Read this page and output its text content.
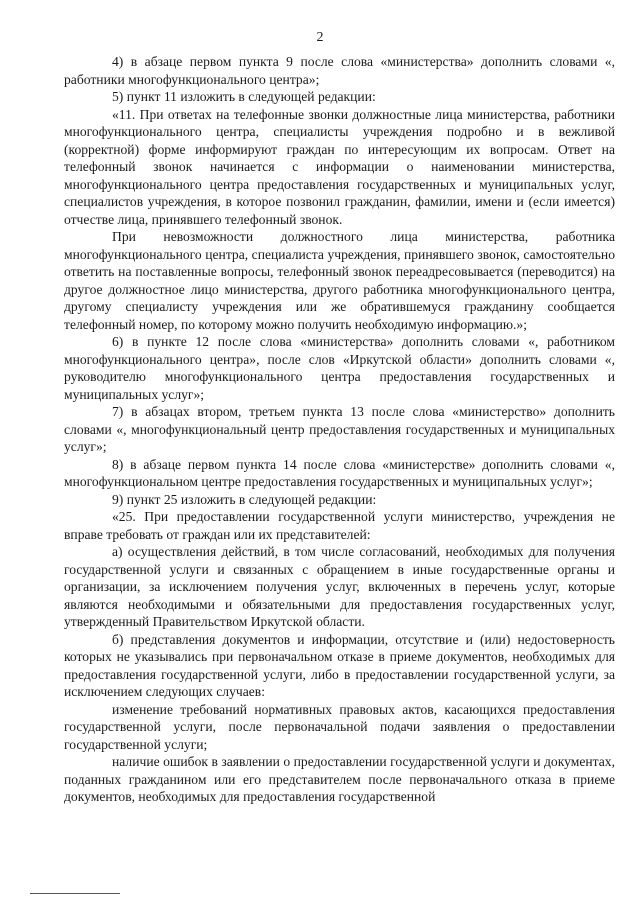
2

4) в абзаце первом пункта 9 после слова «министерства» дополнить словами «, работники многофункционального центра»;

5) пункт 11 изложить в следующей редакции:

«11. При ответах на телефонные звонки должностные лица министерства, работники многофункционального центра, специалисты учреждения подробно и в вежливой (корректной) форме информируют граждан по интересующим их вопросам. Ответ на телефонный звонок начинается с информации о наименовании министерства, многофункционального центра предоставления государственных и муниципальных услуг, специалистов учреждения, в которое позвонил гражданин, фамилии, имени и (если имеется) отчестве лица, принявшего телефонный звонок.

При невозможности должностного лица министерства, работника многофункционального центра, специалиста учреждения, принявшего звонок, самостоятельно ответить на поставленные вопросы, телефонный звонок переадресовывается (переводится) на другое должностное лицо министерства, другого работника многофункционального центра, другому специалисту учреждения или же обратившемуся гражданину сообщается телефонный номер, по которому можно получить необходимую информацию.»;

6) в пункте 12 после слова «министерства» дополнить словами «, работником многофункционального центра», после слов «Иркутской области» дополнить словами «, руководителю многофункционального центра предоставления государственных и муниципальных услуг»;

7) в абзацах втором, третьем пункта 13 после слова «министерство» дополнить словами «, многофункциональный центр предоставления государственных и муниципальных услуг»;

8) в абзаце первом пункта 14 после слова «министерстве» дополнить словами «, многофункциональном центре предоставления государственных и муниципальных услуг»;

9) пункт 25 изложить в следующей редакции:

«25. При предоставлении государственной услуги министерство, учреждения не вправе требовать от граждан или их представителей:

а) осуществления действий, в том числе согласований, необходимых для получения государственной услуги и связанных с обращением в иные государственные органы и организации, за исключением получения услуг, включенных в перечень услуг, которые являются необходимыми и обязательными для предоставления государственных услуг, утвержденный Правительством Иркутской области.

б) представления документов и информации, отсутствие и (или) недостоверность которых не указывались при первоначальном отказе в приеме документов, необходимых для предоставления государственной услуги, либо в предоставлении государственной услуги, за исключением следующих случаев:

изменение требований нормативных правовых актов, касающихся предоставления государственной услуги, после первоначальной подачи заявления о предоставлении государственной услуги;

наличие ошибок в заявлении о предоставлении государственной услуги и документах, поданных гражданином или его представителем после первоначального отказа в приеме документов, необходимых для предоставления государственной
